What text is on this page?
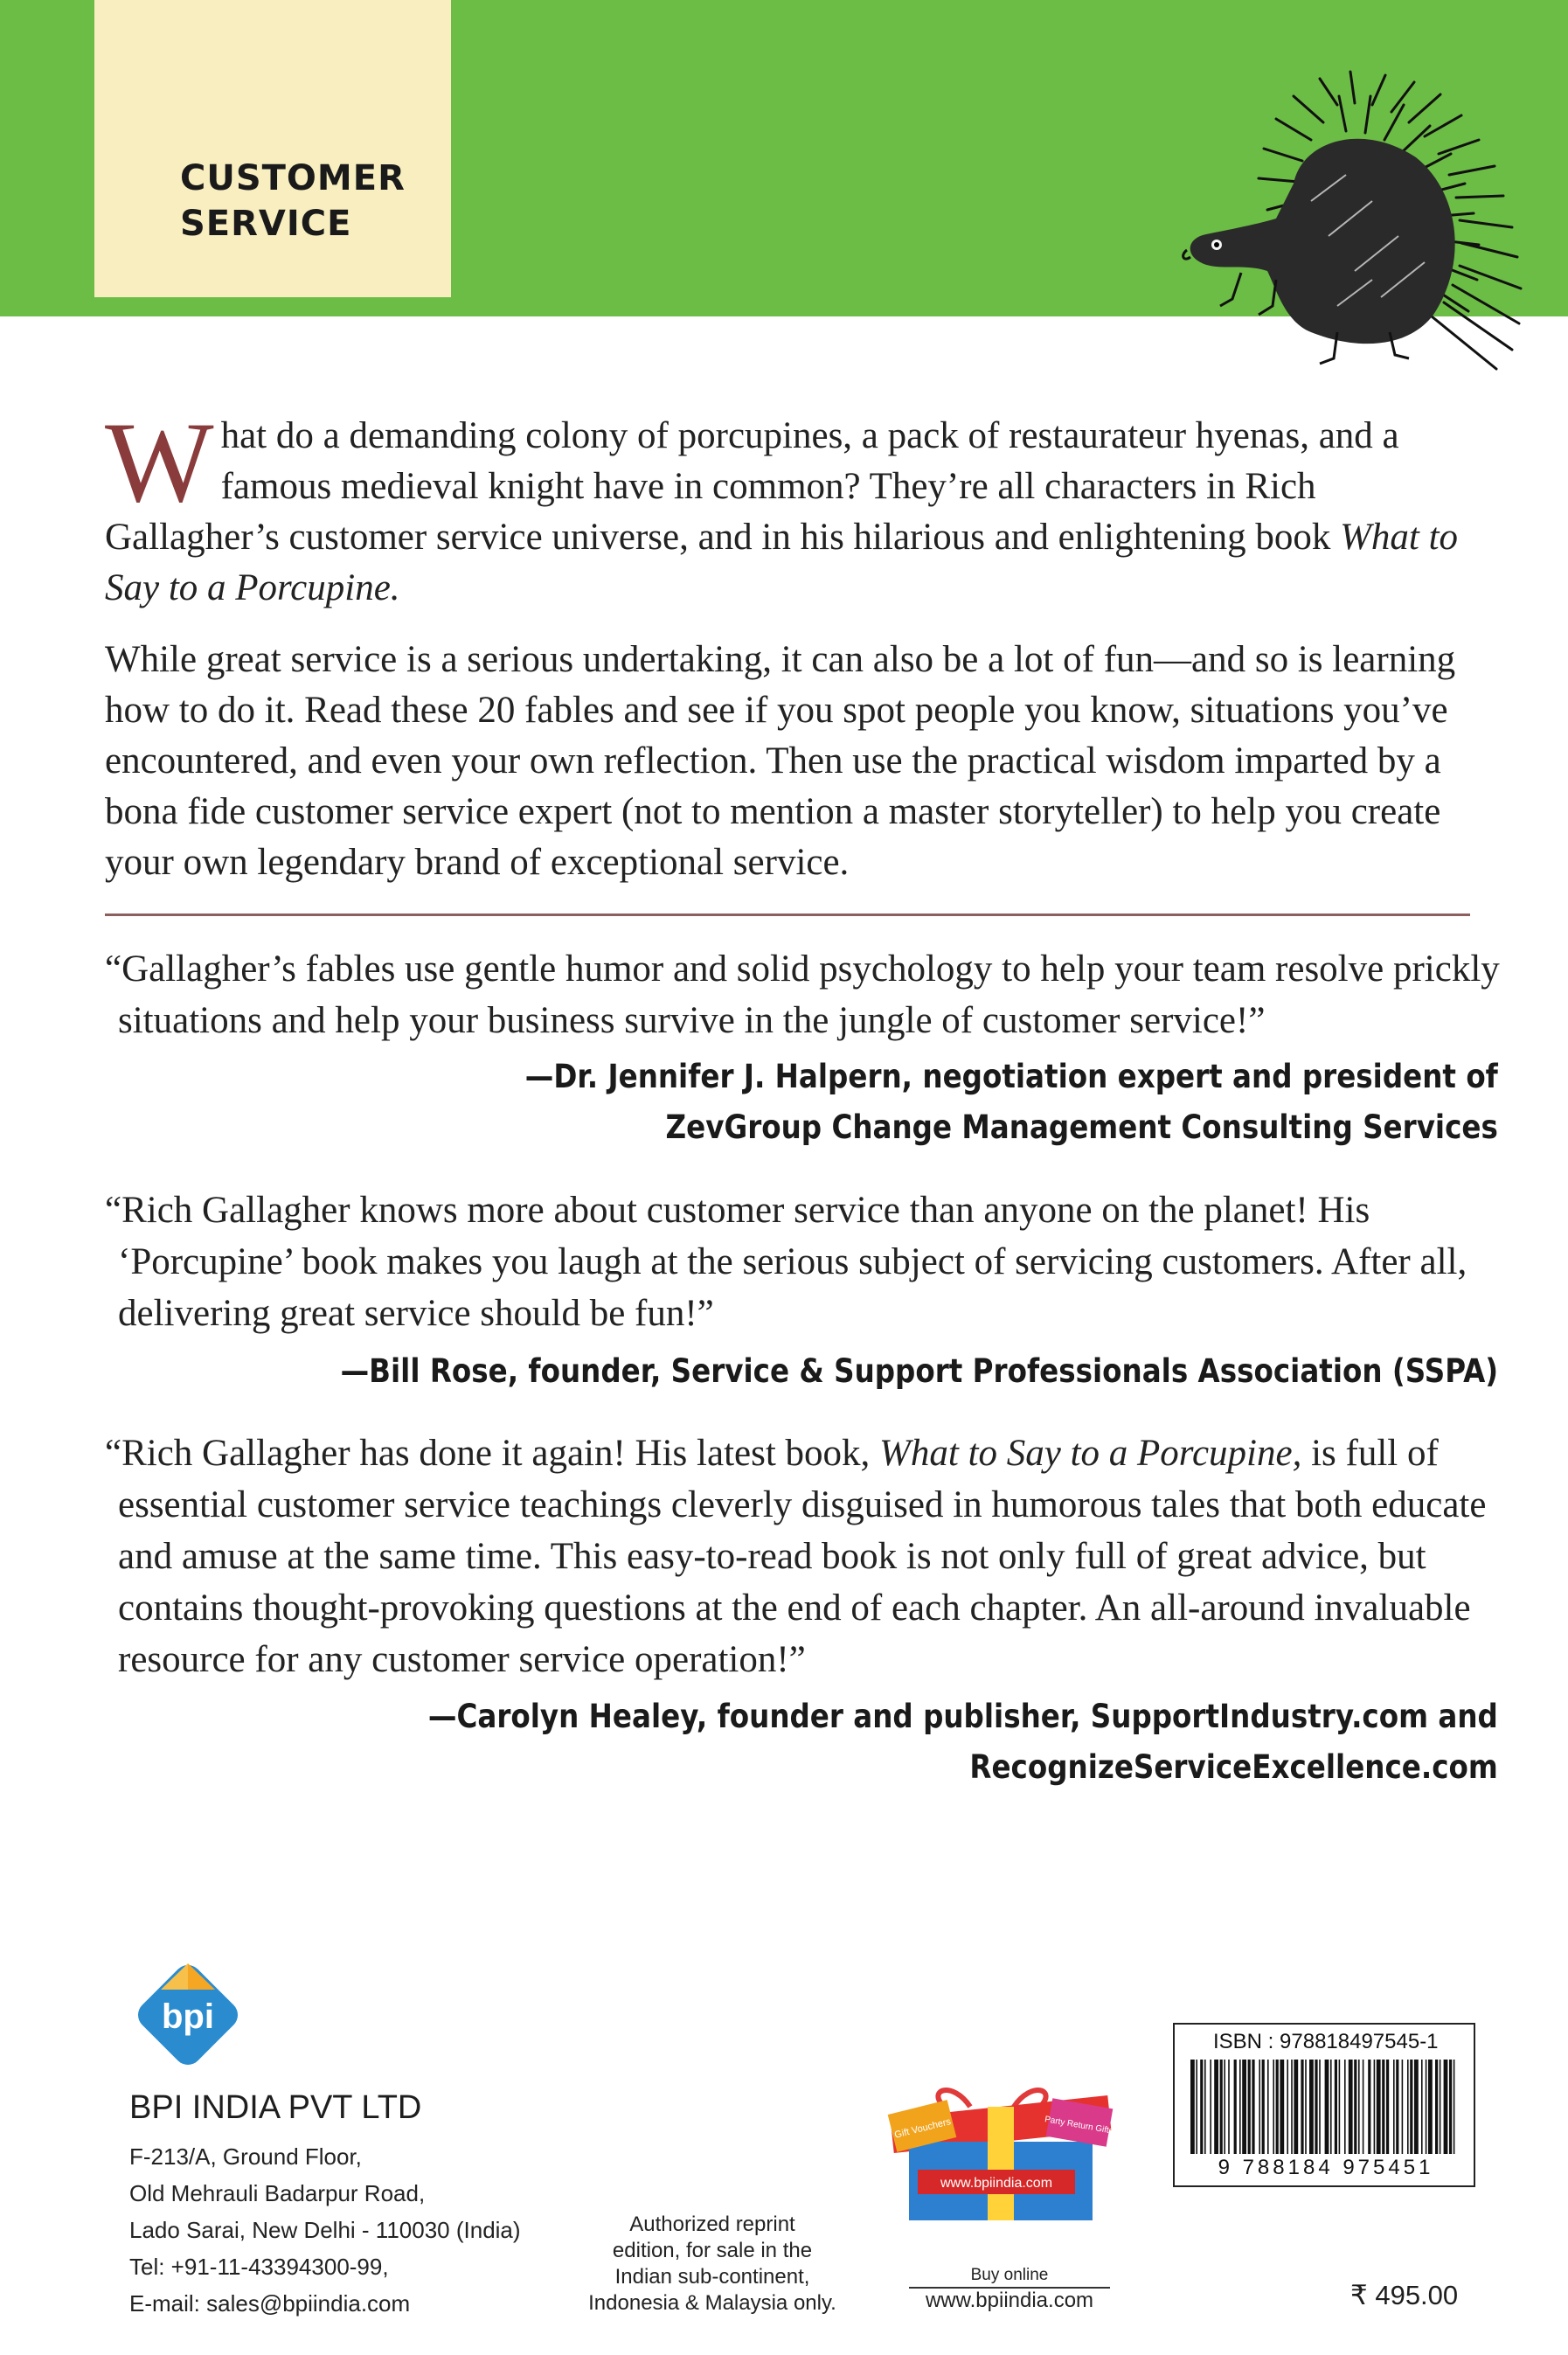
CUSTOMER
SERVICE
What do a demanding colony of porcupines, a pack of restaurateur hyenas, and a famous medieval knight have in common? They’re all characters in Rich Gallagher’s customer service universe, and in his hilarious and enlightening book What to Say to a Porcupine.
While great service is a serious undertaking, it can also be a lot of fun—and so is learning how to do it. Read these 20 fables and see if you spot people you know, situations you’ve encountered, and even your own reflection. Then use the practical wisdom imparted by a bona fide customer service expert (not to mention a master storyteller) to help you create your own legendary brand of exceptional service.
“Gallagher’s fables use gentle humor and solid psychology to help your team resolve prickly situations and help your business survive in the jungle of customer service!”
—Dr. Jennifer J. Halpern, negotiation expert and president of
ZevGroup Change Management Consulting Services
“Rich Gallagher knows more about customer service than anyone on the planet! His ‘Porcupine’ book makes you laugh at the serious subject of servicing customers. After all, delivering great service should be fun!”
—Bill Rose, founder, Service & Support Professionals Association (SSPA)
“Rich Gallagher has done it again! His latest book, What to Say to a Porcupine, is full of essential customer service teachings cleverly disguised in humorous tales that both educate and amuse at the same time. This easy-to-read book is not only full of great advice, but contains thought-provoking questions at the end of each chapter. An all-around invaluable resource for any customer service operation!”
—Carolyn Healey, founder and publisher, SupportIndustry.com and
RecognizeServiceExcellence.com
bpi
BPI INDIA PVT LTD
F-213/A, Ground Floor,
Old Mehrauli Badarpur Road,
Lado Sarai, New Delhi - 110030 (India)
Tel: +91-11-43394300-99,
E-mail: sales@bpiindia.com
Authorized reprint
edition, for sale in the
Indian sub-continent,
Indonesia & Malaysia only.
Gift Vouchers	Party Return Gifts
www.bpiindia.com
Buy online
www.bpiindia.com
ISBN : 978818497545-1
9 788184 975451
₹ 495.00
